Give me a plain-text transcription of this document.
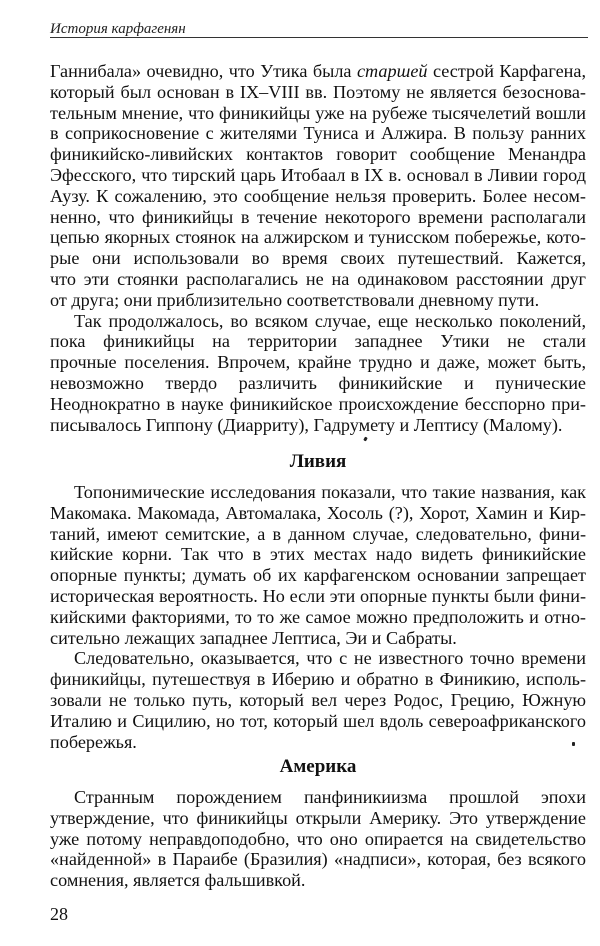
История карфагенян
Ганнибала» очевидно, что Утика была старшей сестрой Карфагена,
который был основан в IX–VIII вв. Поэтому не является безоснова-
тельным мнение, что финикийцы уже на рубеже тысячелетий вошли
в соприкосновение с жителями Туниса и Алжира. В пользу ранних
финикийско-ливийских контактов говорит сообщение Менандра
Эфесского, что тирский царь Итобаал в IX в. основал в Ливии город
Аузу. К сожалению, это сообщение нельзя проверить. Более несом-
ненно, что финикийцы в течение некоторого времени располагали
цепью якорных стоянок на алжирском и тунисском побережье, кото-
рые они использовали во время своих путешествий. Кажется,
что эти стоянки располагались не на одинаковом расстоянии друг
от друга; они приблизительно соответствовали дневному пути.
Так продолжалось, во всяком случае, еще несколько поколений,
пока финикийцы на территории западнее Утики не стали
прочные поселения. Впрочем, крайне трудно и даже, может быть,
невозможно твердо различить финикийские и пунические
Неоднократно в науке финикийское происхождение бесспорно при-
писывалось Гиппону (Диарриту), Гадрумету и Лептису (Малому).
Ливия
Топонимические исследования показали, что такие названия, как
Макомака. Макомада, Автомалака, Хосоль (?), Хорот, Хамин и Кир-
таний, имеют семитские, а в данном случае, следовательно, фини-
кийские корни. Так что в этих местах надо видеть финикийские
опорные пункты; думать об их карфагенском основании запрещает
историческая вероятность. Но если эти опорные пункты были фини-
кийскими факториями, то то же самое можно предположить и отно-
сительно лежащих западнее Лептиса, Эи и Сабраты.
Следовательно, оказывается, что с не известного точно времени
финикийцы, путешествуя в Иберию и обратно в Финикию, исполь-
зовали не только путь, который вел через Родос, Грецию, Южную
Италию и Сицилию, но тот, который шел вдоль североафриканского
побережья.
Америка
Странным порождением панфиникиизма прошлой эпохи
утверждение, что финикийцы открыли Америку. Это утверждение
уже потому неправдоподобно, что оно опирается на свидетельство
«найденной» в Параибе (Бразилия) «надписи», которая, без всякого
сомнения, является фальшивкой.
28
